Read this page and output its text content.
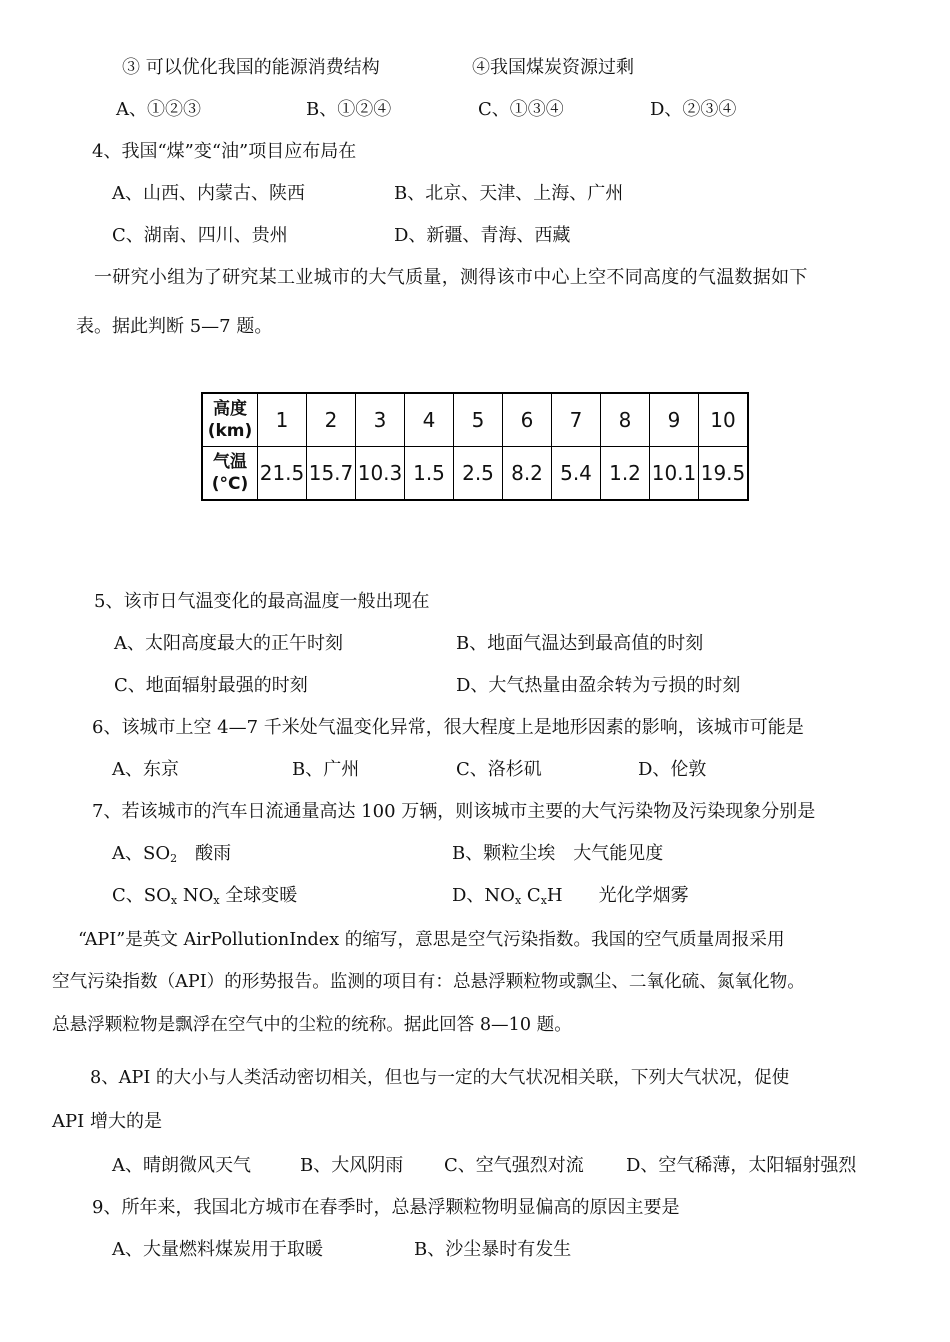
③ 可以优化我国的能源消费结构	④我国煤炭资源过剩
A、①②③	B、①②④	C、①③④	D、②③④
4、我国“煤”变“油”项目应布局在
A、山西、内蒙古、陕西	B、北京、天津、上海、广州
C、湖南、四川、贵州	D、新疆、青海、西藏
一研究小组为了研究某工业城市的大气质量，测得该市中心上空不同高度的气温数据如下
表。据此判断 5—7 题。
高度
(km)	1	2	3	4	5	6	7	8	9	10

气温
(°C)	21.5	15.7	10.3	1.5	2.5	8.2	5.4	1.2	10.1	19.5
5、该市日气温变化的最高温度一般出现在
A、太阳高度最大的正午时刻	B、地面气温达到最高值的时刻
C、地面辐射最强的时刻	D、大气热量由盈余转为亏损的时刻
6、该城市上空 4—7 千米处气温变化异常，很大程度上是地形因素的影响，该城市可能是
A、东京	B、广州	C、洛杉矶	D、伦敦
7、若该城市的汽车日流通量高达 100 万辆，则该城市主要的大气污染物及污染现象分别是
A、$SO_2$　 酸雨	B、颗粒尘埃　大气能见度
C、$SO_x$ $NO_x$ 全球变暖	D、$NO_x$ $C_xH$　　 光化学烟雾
“API”是英文 AirPollutionIndex 的缩写，意思是空气污染指数。我国的空气质量周报采用
空气污染指数（API）的形势报告。监测的项目有：总悬浮颗粒物或飘尘、二氧化硫、氮氧化物。
总悬浮颗粒物是飘浮在空气中的尘粒的统称。据此回答 8—10 题。
8、API 的大小与人类活动密切相关，但也与一定的大气状况相关联，下列大气状况，促使
API 增大的是
A、晴朗微风天气	B、大风阴雨 C、空气强烈对流 D、空气稀薄，太阳辐射强烈
9、所年来，我国北方城市在春季时，总悬浮颗粒物明显偏高的原因主要是
A、大量燃料煤炭用于取暖	B、沙尘暴时有发生
